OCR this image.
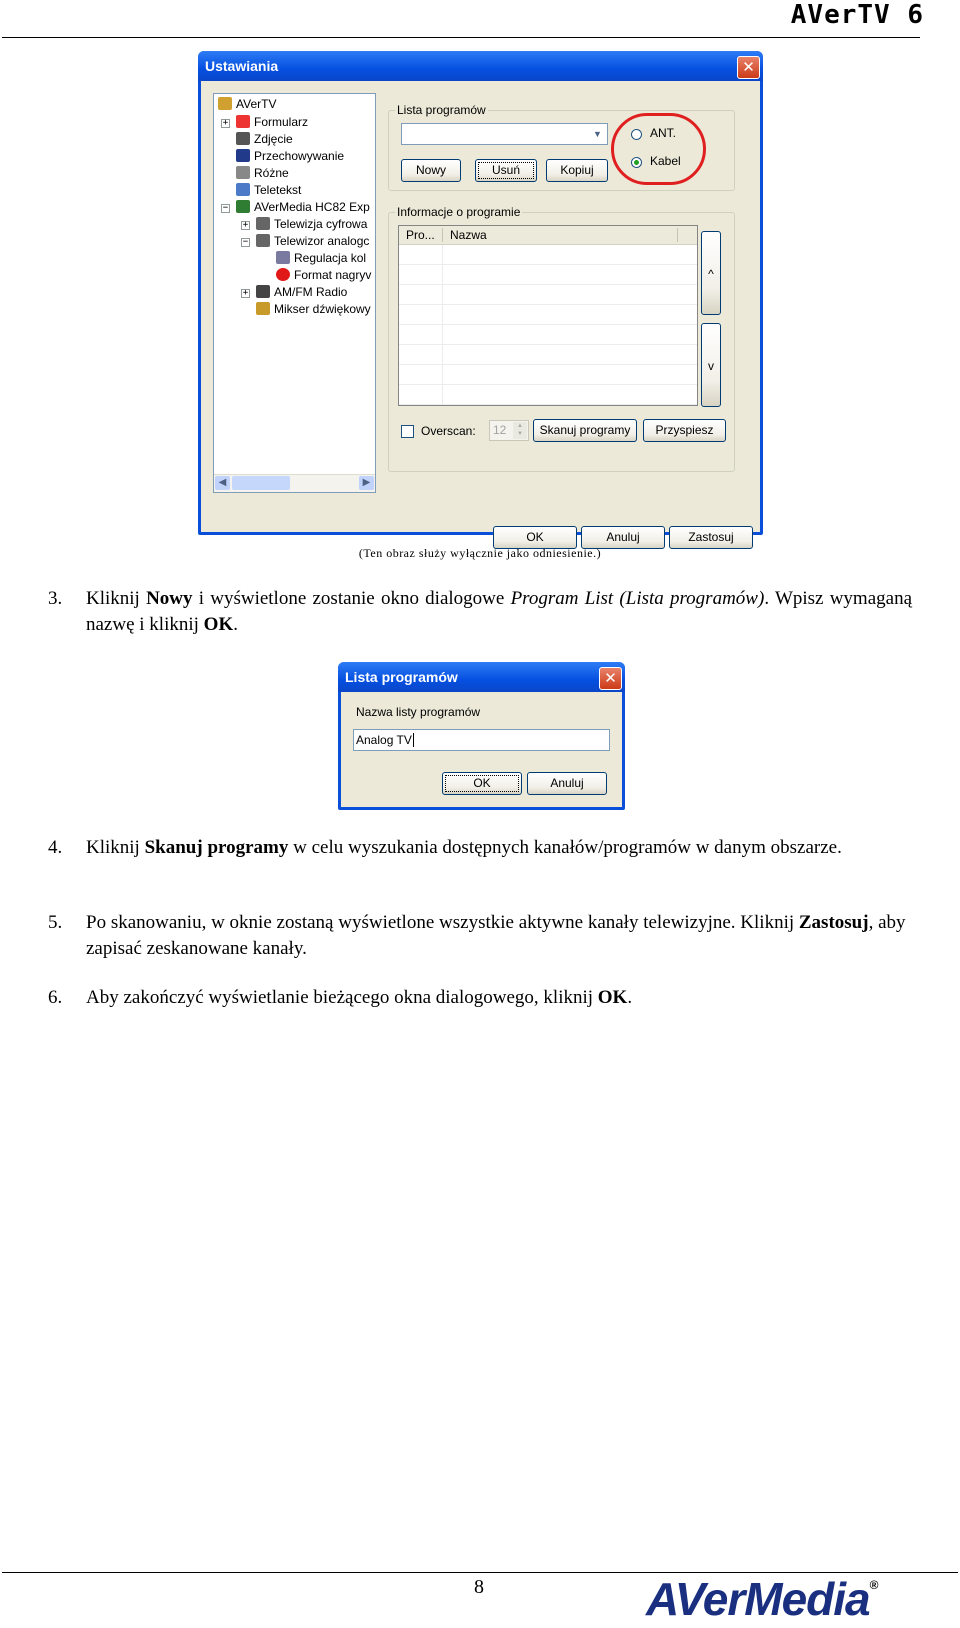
AVerTV 6
Ustawiania	✕
AVerTV
+	Formularz
Zdjęcie
Przechowywanie
Różne
Teletekst
−	AVerMedia HC82 Exp
+	Telewizja cyfrowa
−	Telewizor analogc
Regulacja kol
Format nagryv
+	AM/FM Radio
Mikser dźwiękowy
◀	▶
Lista programów
▼
Nowy	Usuń	Kopiuj
ANT.
Kabel
Informacje o programie
Pro... Nazwa
^
v
Overscan: 12	▲
▼	Skanuj programy	Przyspiesz
OK	Anuluj	Zastosuj
(Ten obraz służy wyłącznie jako odniesienie.)
3. Kliknij Nowy i wyświetlone zostanie okno dialogowe Program List (Lista programów). Wpisz wymaganą nazwę i kliknij OK.
Lista programów	✕
Nazwa listy programów
Analog TV
OK	Anuluj
4. Kliknij Skanuj programy w celu wyszukania dostępnych kanałów/programów w danym obszarze.
5. Po skanowaniu, w oknie zostaną wyświetlone wszystkie aktywne kanały telewizyjne. Kliknij Zastosuj, aby zapisać zeskanowane kanały.
6. Aby zakończyć wyświetlanie bieżącego okna dialogowego, kliknij OK.
8	AVerMedia®
